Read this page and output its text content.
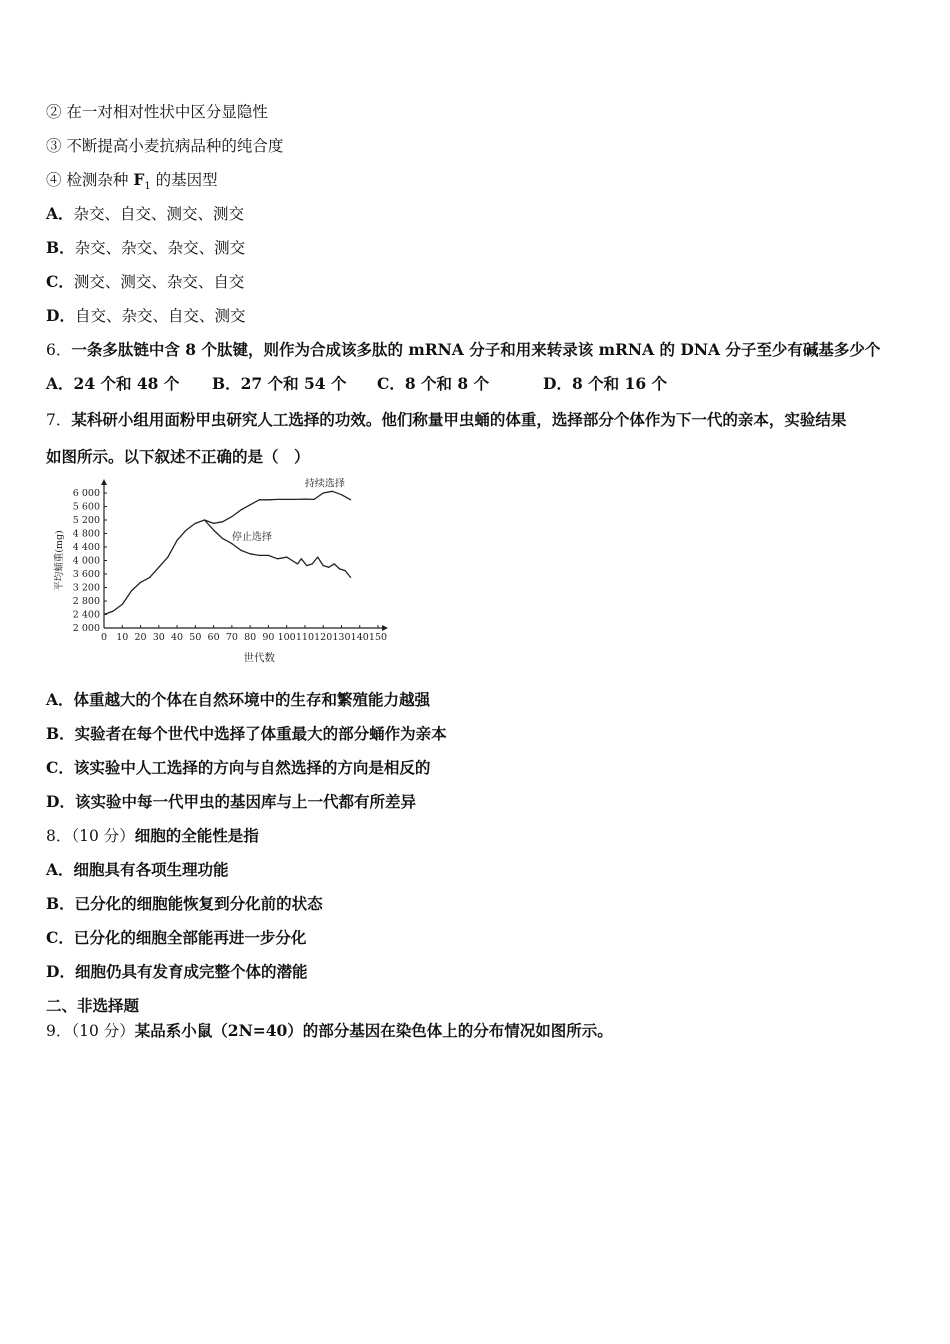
② 在一对相对性状中区分显隐性
③ 不断提高小麦抗病品种的纯合度
④ 检测杂种 $F_1$ 的基因型
A．杂交、自交、测交、测交
B．杂交、杂交、杂交、测交
C．测交、测交、杂交、自交
D．自交、杂交、自交、测交
6．一条多肽链中含 8 个肽键，则作为合成该多肽的 mRNA 分子和用来转录该 mRNA 的 DNA 分子至少有碱基多少个
A．24 个和 48 个 B．27 个和 54 个 C．8 个和 8 个	D．8 个和 16 个
7．某科研小组用面粉甲虫研究人工选择的功效。他们称量甲虫蛹的体重，选择部分个体作为下一代的亲本，实验结果
如图所示。以下叙述不正确的是（　）
0 10 20 30 40 50 60 70 80 90 100 110 120 130 140 150
2 000
2 400
2 800
3 200
3 600
4 000
4 400
4 800
5 200
5 600
6 000
世代数
平均蛹重(mg)
持续选择
停止选择
A．体重越大的个体在自然环境中的生存和繁殖能力越强
B．实验者在每个世代中选择了体重最大的部分蛹作为亲本
C．该实验中人工选择的方向与自然选择的方向是相反的
D．该实验中每一代甲虫的基因库与上一代都有所差异
8．（10 分）细胞的全能性是指
A．细胞具有各项生理功能
B．已分化的细胞能恢复到分化前的状态
C．已分化的细胞全部能再进一步分化
D．细胞仍具有发育成完整个体的潜能
二、非选择题
9．（10 分）某品系小鼠（2N=40）的部分基因在染色体上的分布情况如图所示。
